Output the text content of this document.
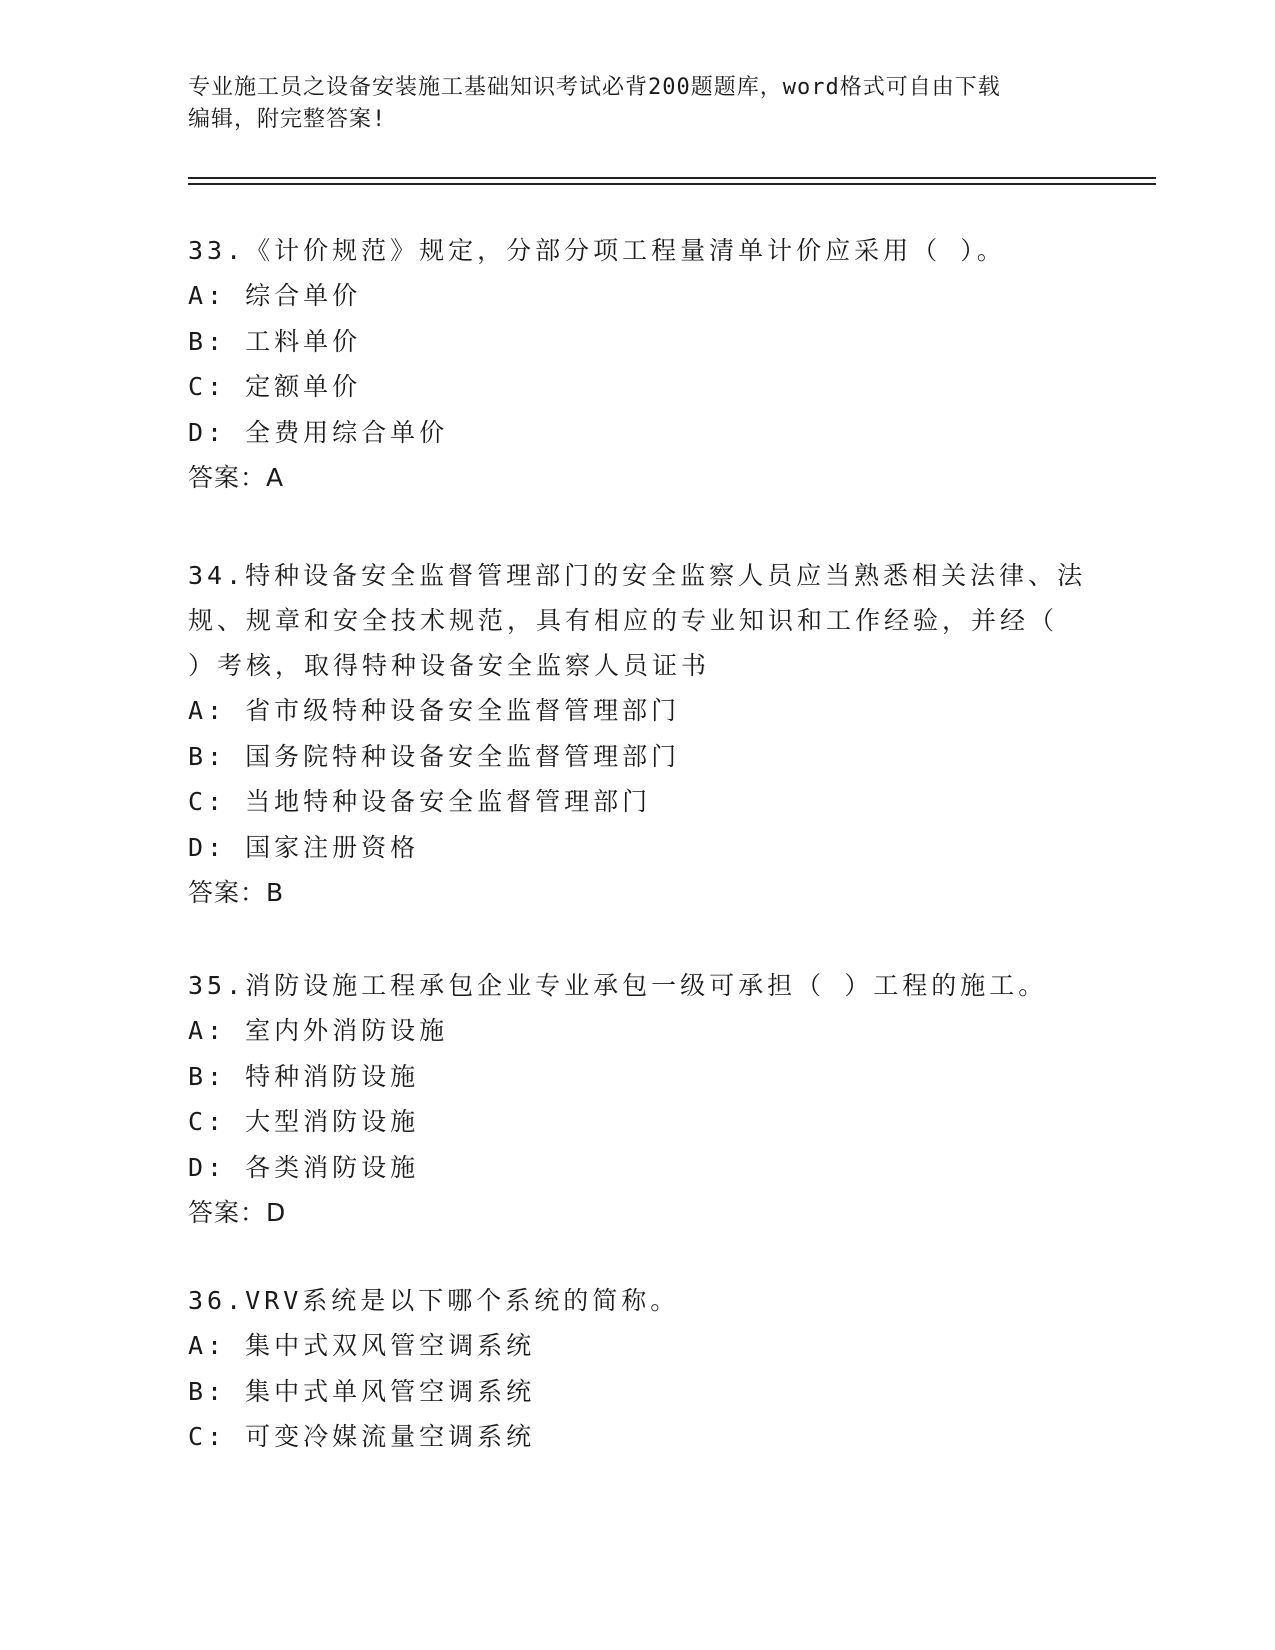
专业施工员之设备安装施工基础知识考试必背200题题库，word格式可自由下载
编辑，附完整答案!
33.《计价规范》规定，分部分项工程量清单计价应采用（ ）。
A: 综合单价
B: 工料单价
C: 定额单价
D: 全费用综合单价
答案：A
34.特种设备安全监督管理部门的安全监察人员应当熟悉相关法律、法
规、规章和安全技术规范，具有相应的专业知识和工作经验，并经（
）考核，取得特种设备安全监察人员证书
A: 省市级特种设备安全监督管理部门
B: 国务院特种设备安全监督管理部门
C: 当地特种设备安全监督管理部门
D: 国家注册资格
答案：B
35.消防设施工程承包企业专业承包一级可承担（ ）工程的施工。
A: 室内外消防设施
B: 特种消防设施
C: 大型消防设施
D: 各类消防设施
答案：D
36.VRV系统是以下哪个系统的简称。
A: 集中式双风管空调系统
B: 集中式单风管空调系统
C: 可变冷媒流量空调系统
